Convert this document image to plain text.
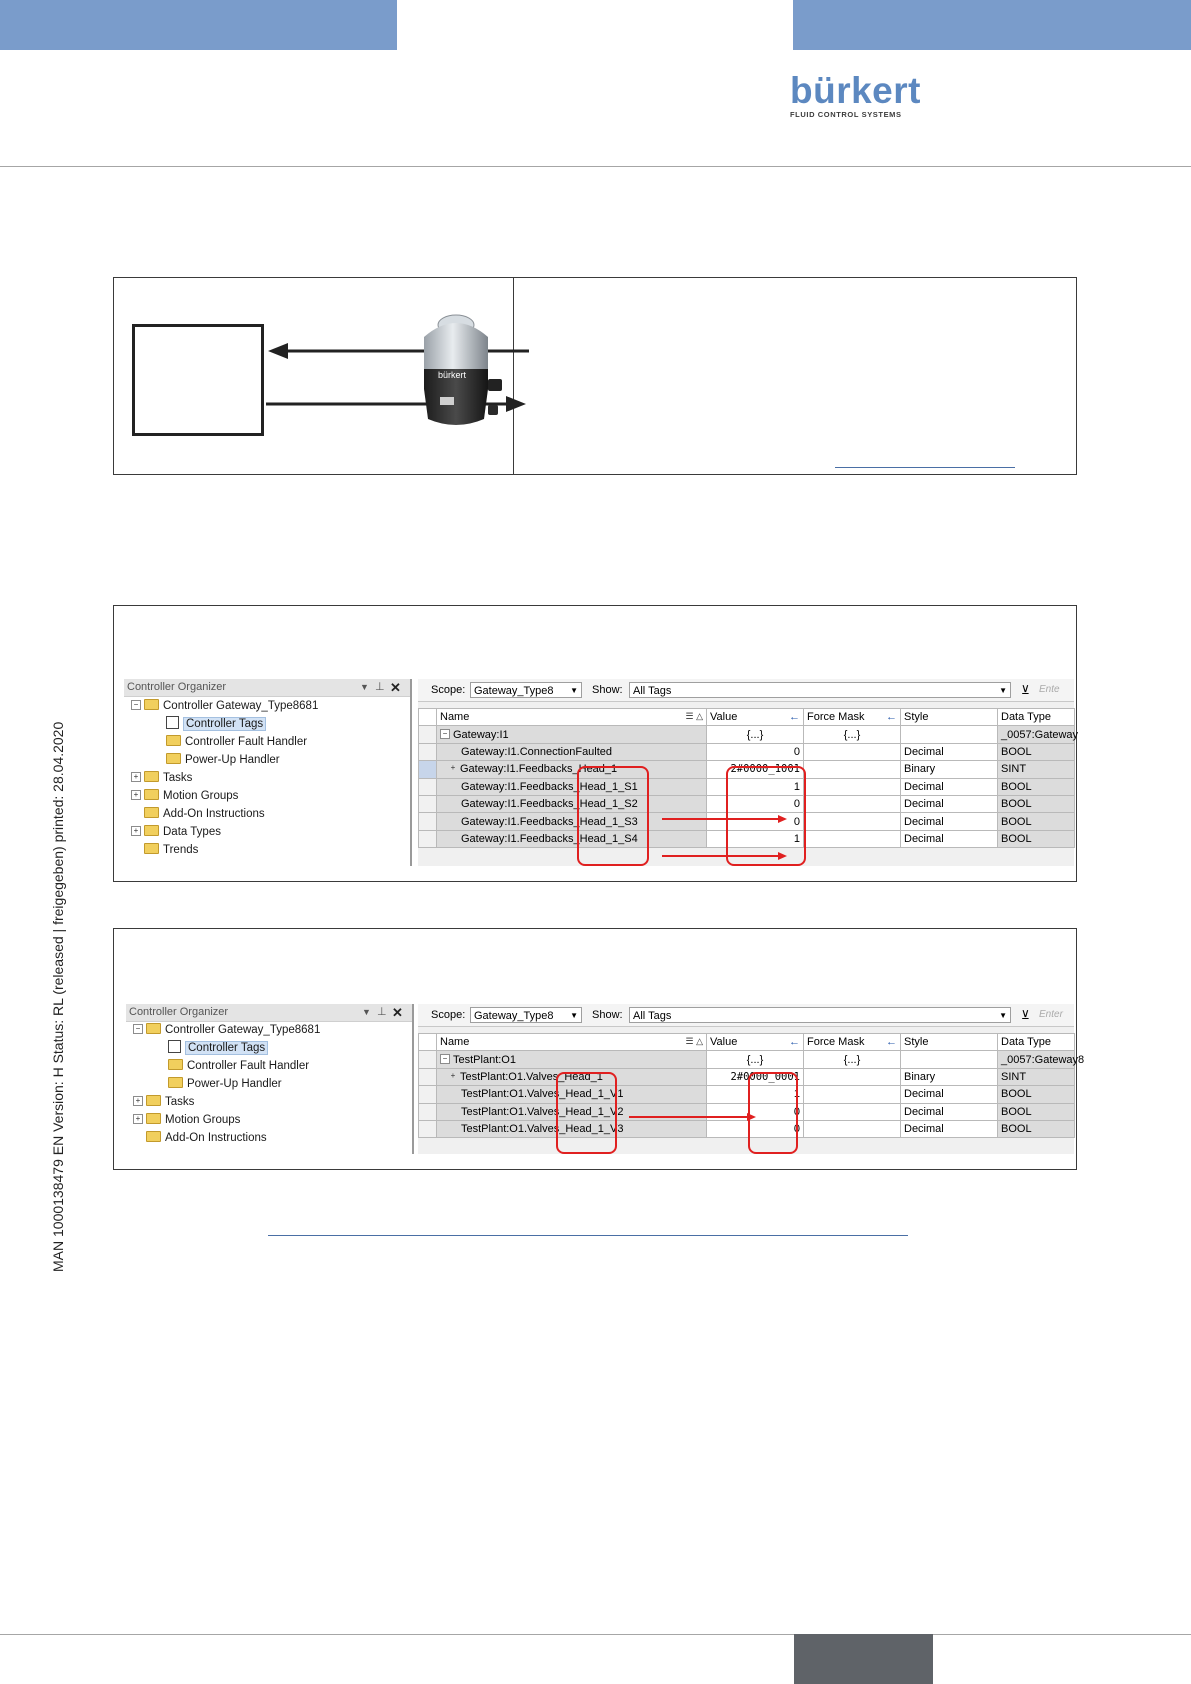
bürkert
FLUID CONTROL SYSTEMS
MAN 1000138479 EN Version: H Status: RL (released | freigegeben) printed: 28.04.2020
bürkert
Controller Organizer	▼ ⊥ ✕
− Controller Gateway_Type8681
Controller Tags
Controller Fault Handler
Power-Up Handler
+ Tasks
+ Motion Groups
Add-On Instructions
+ Data Types
Trends
Scope: Gateway_Type8 ▼ Show: All Tags	▼ ⊻ Ente
	Name ☰ △	Value ←	Force Mask ←	Style	Data Type
	− Gateway:I1	{...}	{...}		_0057:Gateway
	Gateway:I1.ConnectionFaulted	0		Decimal	BOOL
	+ Gateway:I1.Feedbacks_Head_1	2#0000_1001		Binary	SINT
	Gateway:I1.Feedbacks_Head_1_S1	1		Decimal	BOOL
	Gateway:I1.Feedbacks_Head_1_S2	0		Decimal	BOOL
	Gateway:I1.Feedbacks_Head_1_S3	0		Decimal	BOOL
	Gateway:I1.Feedbacks_Head_1_S4	1		Decimal	BOOL
Controller Organizer	▼ ⊥ ✕
− Controller Gateway_Type8681
Controller Tags
Controller Fault Handler
Power-Up Handler
+ Tasks
+ Motion Groups
Add-On Instructions
Scope: Gateway_Type8 ▼ Show: All Tags	▼ ⊻ Enter
	Name ☰ △	Value ←	Force Mask ←	Style	Data Type
	− TestPlant:O1	{...}	{...}		_0057:Gateway8
	+ TestPlant:O1.Valves_Head_1	2#0000_0001		Binary	SINT
	TestPlant:O1.Valves_Head_1_V1	1		Decimal	BOOL
	TestPlant:O1.Valves_Head_1_V2	0		Decimal	BOOL
	TestPlant:O1.Valves_Head_1_V3	0		Decimal	BOOL
